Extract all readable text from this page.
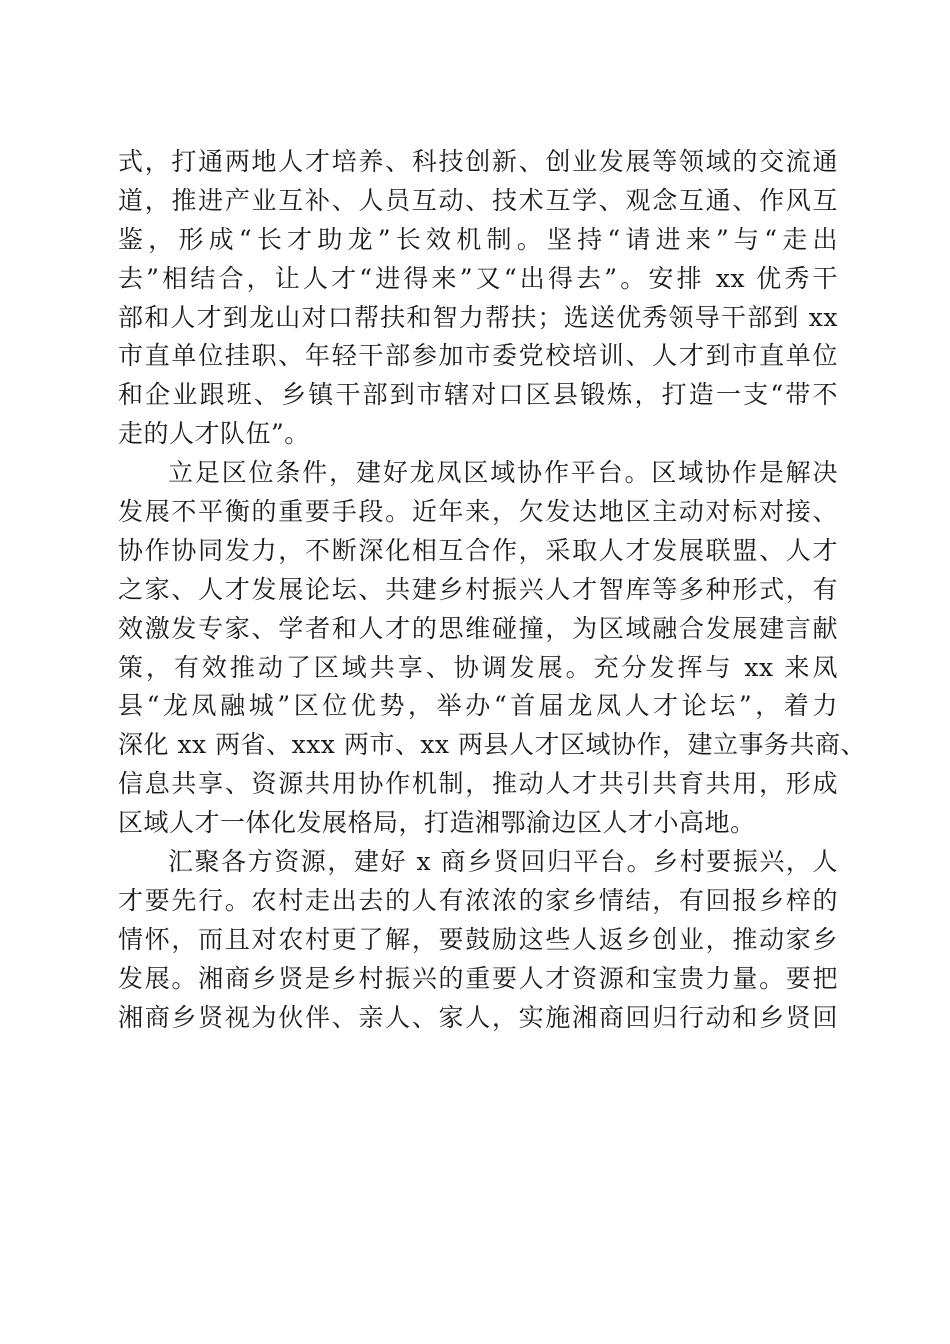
式，打通两地人才培养、科技创新、创业发展等领域的交流通
道，推进产业互补、人员互动、技术互学、观念互通、作风互
鉴，形成“长才助龙”长效机制。坚持“请进来”与“走出
去”相结合，让人才“进得来”又“出得去”。安排 xx 优秀干
部和人才到龙山对口帮扶和智力帮扶；选送优秀领导干部到 xx
市直单位挂职、年轻干部参加市委党校培训、人才到市直单位
和企业跟班、乡镇干部到市辖对口区县锻炼，打造一支“带不
走的人才队伍”。
立足区位条件，建好龙凤区域协作平台。区域协作是解决
发展不平衡的重要手段。近年来，欠发达地区主动对标对接、
协作协同发力，不断深化相互合作，采取人才发展联盟、人才
之家、人才发展论坛、共建乡村振兴人才智库等多种形式，有
效激发专家、学者和人才的思维碰撞，为区域融合发展建言献
策，有效推动了区域共享、协调发展。充分发挥与 xx 来凤
县“龙凤融城”区位优势，举办“首届龙凤人才论坛”，着力
深化 xx 两省、xxx 两市、xx 两县人才区域协作，建立事务共商、
信息共享、资源共用协作机制，推动人才共引共育共用，形成
区域人才一体化发展格局，打造湘鄂渝边区人才小高地。
汇聚各方资源，建好 x 商乡贤回归平台。乡村要振兴，人
才要先行。农村走出去的人有浓浓的家乡情结，有回报乡梓的
情怀，而且对农村更了解，要鼓励这些人返乡创业，推动家乡
发展。湘商乡贤是乡村振兴的重要人才资源和宝贵力量。要把
湘商乡贤视为伙伴、亲人、家人，实施湘商回归行动和乡贤回
